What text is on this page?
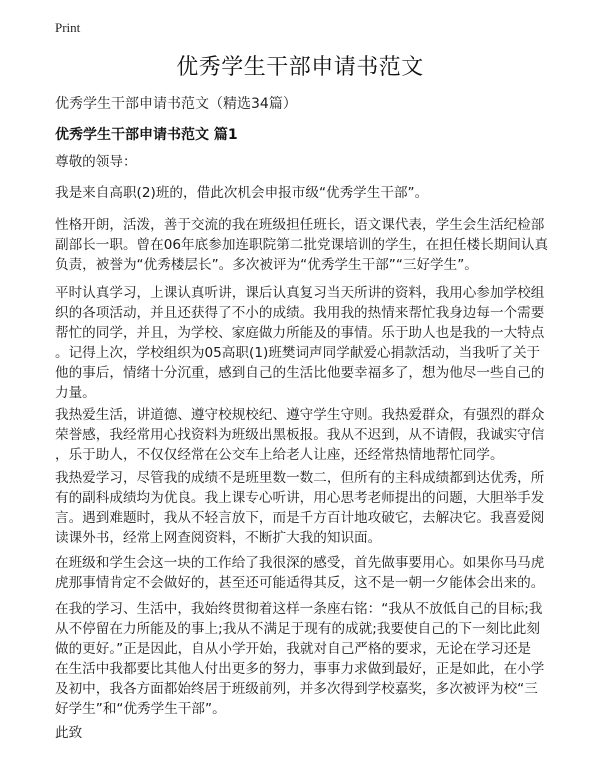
Print
优秀学生干部申请书范文
优秀学生干部申请书范文（精选34篇）
优秀学生干部申请书范文 篇1
尊敬的领导：
我是来自高职(2)班的，借此次机会申报市级“优秀学生干部”。
性格开朗，活泼，善于交流的我在班级担任班长，语文课代表，学生会生活纪检部
副部长一职。曾在06年底参加连职院第二批党课培训的学生，在担任楼长期间认真
负责，被誉为“优秀楼层长”。多次被评为“优秀学生干部”“三好学生”。
平时认真学习，上课认真听讲，课后认真复习当天所讲的资料，我用心参加学校组
织的各项活动，并且还获得了不小的成绩。我用我的热情来帮忙我身边每一个需要
帮忙的同学，并且，为学校、家庭做力所能及的事情。乐于助人也是我的一大特点
。记得上次，学校组织为05高职(1)班樊词声同学献爱心捐款活动，当我听了关于
他的事后，情绪十分沉重，感到自己的生活比他要幸福多了，想为他尽一些自己的
力量。
我热爱生活，讲道德、遵守校规校纪、遵守学生守则。我热爱群众，有强烈的群众
荣誉感，我经常用心找资料为班级出黑板报。我从不迟到，从不请假，我诚实守信
，乐于助人，不仅仅经常在公交车上给老人让座，还经常热情地帮忙同学。
我热爱学习，尽管我的成绩不是班里数一数二，但所有的主科成绩都到达优秀，所
有的副科成绩均为优良。我上课专心听讲，用心思考老师提出的问题，大胆举手发
言。遇到难题时，我从不轻言放下，而是千方百计地攻破它，去解决它。我喜爱阅
读课外书，经常上网查阅资料，不断扩大我的知识面。
在班级和学生会这一块的工作给了我很深的感受，首先做事要用心。如果你马马虎
虎那事情肯定不会做好的，甚至还可能适得其反，这不是一朝一夕能体会出来的。
在我的学习、生活中，我始终贯彻着这样一条座右铭：“我从不放低自己的目标;我
从不停留在力所能及的事上;我从不满足于现有的成就;我要使自己的下一刻比此刻
做的更好。”正是因此，自从小学开始，我就对自己严格的要求，无论在学习还是
在生活中我都要比其他人付出更多的努力，事事力求做到最好，正是如此，在小学
及初中，我各方面都始终居于班级前列，并多次得到学校嘉奖，多次被评为校“三
好学生”和“优秀学生干部”。
此致
